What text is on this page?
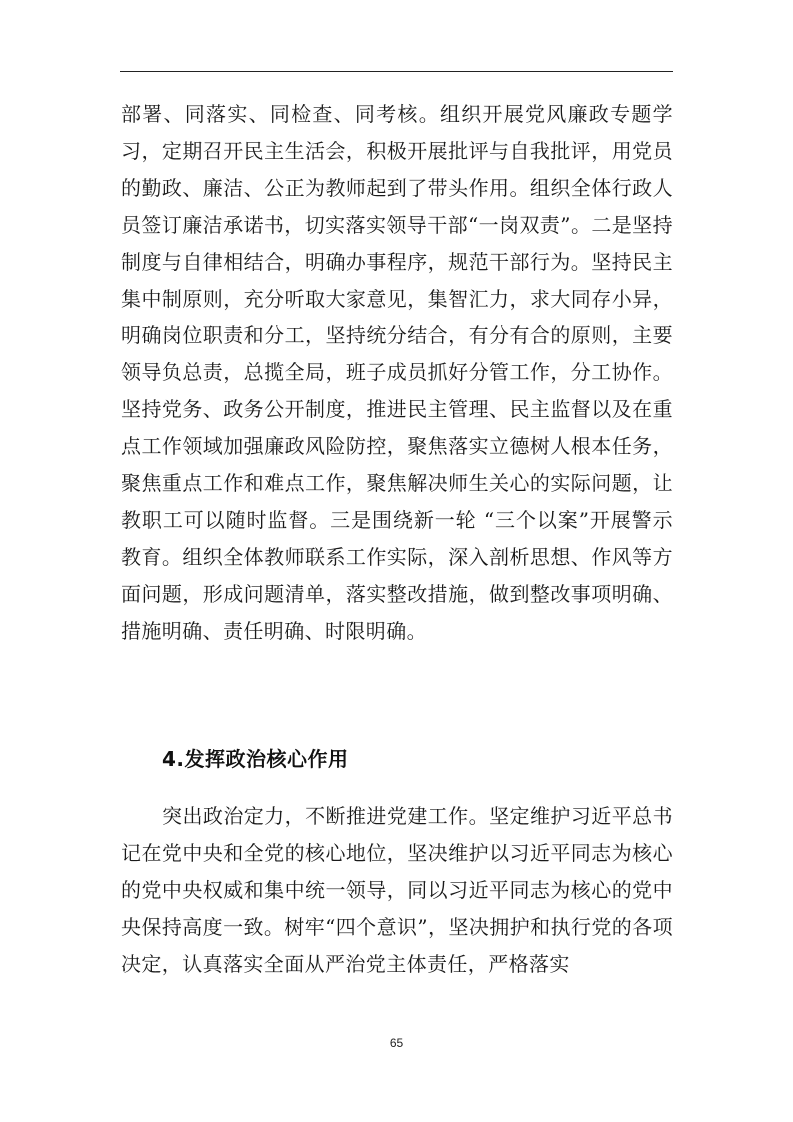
部署、同落实、同检查、同考核。组织开展党风廉政专题学习，定期召开民主生活会，积极开展批评与自我批评，用党员的勤政、廉洁、公正为教师起到了带头作用。组织全体行政人员签订廉洁承诺书，切实落实领导干部“一岗双责”。二是坚持制度与自律相结合，明确办事程序，规范干部行为。坚持民主集中制原则，充分听取大家意见，集智汇力，求大同存小异，明确岗位职责和分工，坚持统分结合，有分有合的原则，主要领导负总责，总揽全局，班子成员抓好分管工作，分工协作。坚持党务、政务公开制度，推进民主管理、民主监督以及在重点工作领域加强廉政风险防控，聚焦落实立德树人根本任务，聚焦重点工作和难点工作，聚焦解决师生关心的实际问题，让教职工可以随时监督。三是围绕新一轮 “三个以案”开展警示教育。组织全体教师联系工作实际，深入剖析思想、作风等方面问题，形成问题清单，落实整改措施，做到整改事项明确、措施明确、责任明确、时限明确。

4.发挥政治核心作用

突出政治定力，不断推进党建工作。坚定维护习近平总书记在党中央和全党的核心地位，坚决维护以习近平同志为核心的党中央权威和集中统一领导，同以习近平同志为核心的党中央保持高度一致。树牢“四个意识”，坚决拥护和执行党的各项决定，认真落实全面从严治党主体责任，严格落实

65
